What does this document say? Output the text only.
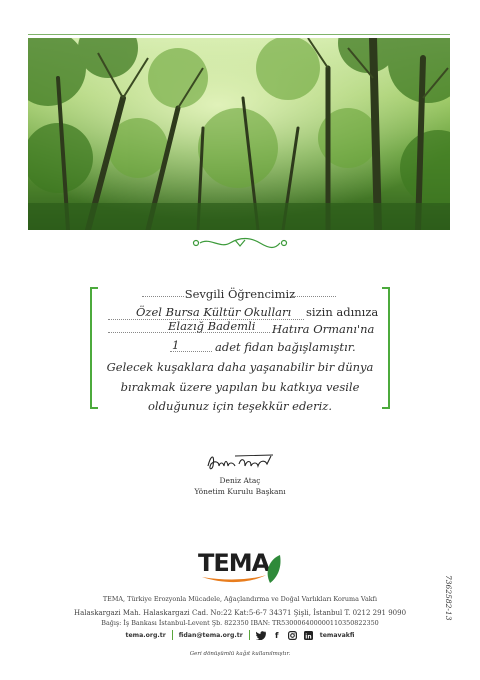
Sevgili Öğrencimiz
Özel Bursa Kültür Okulları sizin adınıza
Elazığ Bademli Hatıra Ormanı'na
1	adet fidan bağışlamıştır.
Gelecek kuşaklara daha yaşanabilir bir dünya
bırakmak üzere yapılan bu katkıya vesile
olduğunuz için teşekkür ederiz.
Deniz Ataç
Yönetim Kurulu Başkanı
TEMA
TEMA, Türkiye Erozyonla Mücadele, Ağaçlandırma ve Doğal Varlıkları Koruma Vakfı
Halaskargazi Mah. Halaskargazi Cad. No:22 Kat:5-6-7 34371 Şişli, İstanbul T. 0212 291 9090
Bağış: İş Bankası İstanbul-Levent Şb. 822350 IBAN: TR530006400000110350822350
tema.org.tr fidan@tema.org.tr	f	in temavakfi
Geri dönüşümlü kağıt kullanılmıştır.
7362582-13
